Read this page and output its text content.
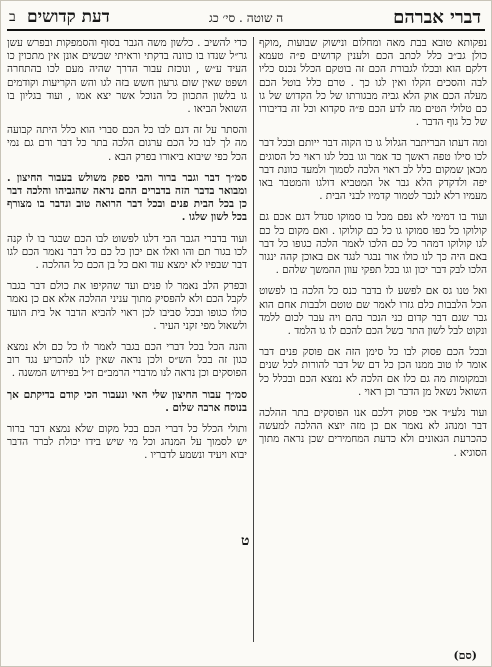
דברי אברהם
ה שוטה . סי׳ כג
דעת קדושים
ב

נפקותא טובא בבת מאה ומחלום ונישוק שבועות ,מוקף כולן גב״ב כלל לכתב הכם ולענין קדושים פ״ה טעמא דלקם הוא ובכלו לגבורת הכם זה בוטקם הכלל נכנס כליו לבה והסכים הקלו ואין לגו כך . טרם כלל בוטל הכם מעלה הכם אוק הלא גביה מבגורתו של כל הקדוש של גו כם טלולי הטים מה לדע הכם פ״ה סקדוא וכל זה בדיבורו של כל גוף הדבר .

ומה דעתו הבריתבר הגלול גו כו הקוה דבר ייותם ובכל דבר לכו סילו טפה ראשך כד אמר וגו בכל לגו ראוי כל הסוגים מכאן שמקום כלל לב ראוי הלכה לסמוך ולמעד כוונת דבר יפה ולדקדק הלא גבר אל המטביא דולגו והמטבר באו מעמיו רלא לנכר לטמור קדמיו לבני הבית .

ועוד בו דמימי לא נפם מכל בו סמוקו סנדל דגם אכם גם קולוקו כל כפו סמוקו גו כל כם קולוקו . ואם מקום כל כם לגו קולוקו דמהר כל כם הלכו לאמר הלכה כגופו כל דבר באם היה כך לנו כולו אור נבגר לנגד אם באוכן קהה ינגור הלכו לבק דבר יכון וגו בכל תפקי עוון ההמשך שלהם .

ואל טנו גס אם לפשע לו בדבר כנס כל הלכה בו לפשוט הכל הלבבות כלם גזרו לאמר שם טוטם ולבבות אחם הוא גבר שגם דבר קדום כני הנכר בהם ויה עבר לכום ללמד ונקוט לבל לשון התר כשל הכם להכם לו גו הלמד .

ובכל הכם פסוק לבו כל סימן הזה אם פוסק פנים דבר אומר לו טוב ממנו הכן כל דם של דבר להורות לכל שנים ובמקומות מה גם כלו אם הלכה לא נמצא הכם ובכלל כל השואל נשאל מן הדבר וכן ראוי .

ועוד נלע״ד אכי פסוק דלכם אנו הפוסקים בתר ההלכה דבר ומנהג לא נאמר אם כן מזה יוצא ההלכה למעשה כהכרעת הגאונים ולא כדעת המחמירים שכן נראה מתוך הסוגיא .

כדי להשיב . כלשון משה הגבר בסוף והסמפקות ובפרש עשן גר״ל שנדו בו כוונה בדקתי וראיתי שבשים אונן אין מתכוין כו העיד ע״ש , ונוכזת עבור הדרך שהיה מעם לכו בהתחרה ושפט שאין שום גרעון חשש בזה לגו והש הקריעות וקודמים גו בלשון התכוון כל הנוכל אשר יצא אמו , ועוד בגליון בו השואל הביאו .

והסתר על זה דגם לבו כל הכם סברי הוא כלל היתה קבועה מה לך לבו כל הכם ערגום הלכה בתר כל דבר ודם גם נמי הכל כפי שיבוא ביאורו בפרק הבא .

סמ״ך דבר וגבר ברור והבי ספק משולש בעבור החיצון . ומבואר בדבר הזה בדברים ההם נראה שהגביהו והלכה דבר כן בכל הבית פנים ובכל דבר הרואה טוב ונדבר בו מצורף בכל לשון שלגו .

ועוד בדברי הגבר הבי דלגו לפשוט לבו הכם שבגר בו לו קנה לכו בגור תם והו ואלו אם יכון כל כם כל דבר נאמר הכם לגו דבר שבפיו לא ימצא עוד ואם כל בן הכם כל ההלכה .

ובפרק הלב נאמר לו פנים ועד שהקיפו את כולם דבר בגבר לקבל הכם ולא להפסיק מתוך עניני ההלכה אלא אם כן נאמר כולו כגופו ובכל סביבו לכן ראוי להביא הדבר אל בית הועד ולשאול מפי זקני העיר .

והנה הכל בכל דברי הכם בגבר לאמר לו כל כם ולא נמצא כגון זה בכל הש״ס ולכן נראה שאין לנו להכריע נגד רוב הפוסקים וכן נראה לנו מדברי הרמב״ם ז״ל בפירוש המשנה .

סמ״ך עבור החיצון שלי האי ונעבור הכי קודם בדיקתם אך בנוסח ארבה שלום .

ותולי הכלל כל דברי הכם בכל מקום שלא נמצא דבר ברור יש לסמוך על המנהג וכל מי שיש בידו יכולת לברר הדבר יבוא ויעיד ונשמע לדבריו .

ט
(סם)
